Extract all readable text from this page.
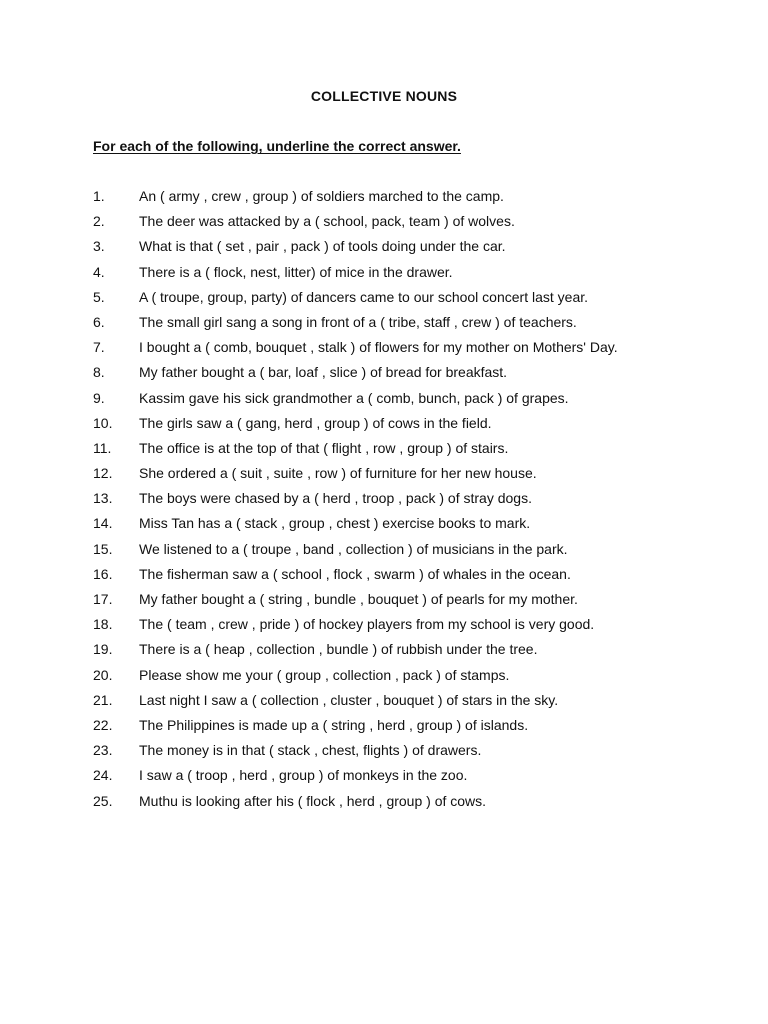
COLLECTIVE NOUNS
For each of the following, underline the correct answer.
1.	An ( army , crew , group ) of soldiers marched to the camp.
2.	The deer was attacked by a ( school, pack, team ) of wolves.
3.	What is that ( set , pair , pack ) of tools doing under the car.
4.	There is a ( flock, nest, litter) of mice in the drawer.
5.	A ( troupe, group, party) of dancers came to our school concert last year.
6.	The small girl sang a song in front of a ( tribe, staff , crew ) of teachers.
7.	I bought a ( comb, bouquet , stalk ) of flowers for my mother on Mothers' Day.
8.	My father bought a ( bar, loaf , slice ) of bread for breakfast.
9.	Kassim gave his sick grandmother a ( comb, bunch, pack ) of grapes.
10.	The girls saw a ( gang, herd , group ) of cows in the field.
11.	The office is at the top of that ( flight , row , group ) of stairs.
12.	She ordered a ( suit , suite , row ) of furniture for her new house.
13.	The boys were chased by a ( herd , troop , pack ) of stray dogs.
14.	Miss Tan has a ( stack , group , chest ) exercise books to mark.
15.	We listened to a ( troupe , band , collection ) of musicians in the park.
16.	The fisherman saw a ( school , flock , swarm ) of whales in the ocean.
17.	My father bought a ( string , bundle , bouquet ) of pearls for my mother.
18.	The ( team , crew , pride ) of hockey players from my school is very good.
19.	There is a ( heap , collection , bundle ) of rubbish under the tree.
20.	Please show me your ( group , collection , pack ) of stamps.
21.	Last night I saw a ( collection , cluster , bouquet ) of stars in the sky.
22.	The Philippines is made up a ( string , herd , group ) of islands.
23.	The money is in that ( stack , chest, flights ) of drawers.
24.	I saw a ( troop , herd , group ) of monkeys in the zoo.
25.	Muthu is looking after his ( flock , herd , group ) of cows.
